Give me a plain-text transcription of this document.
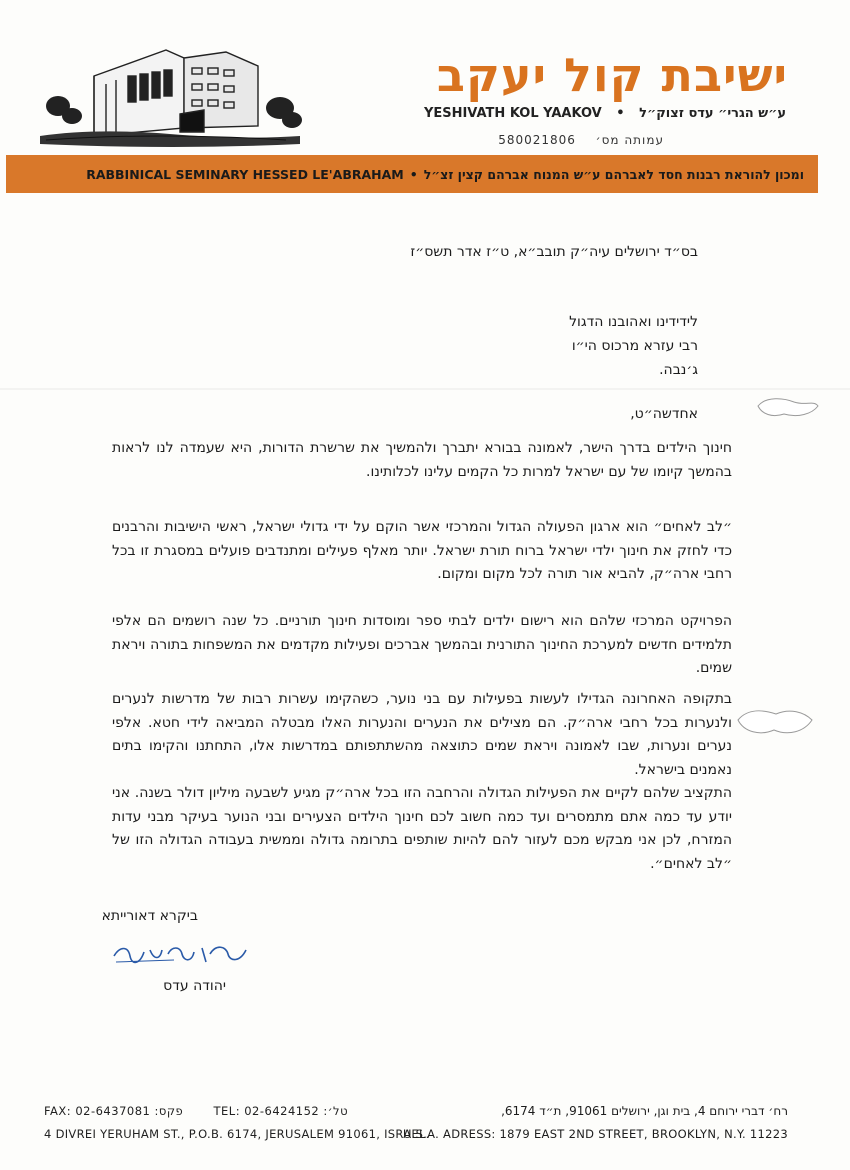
ישיבת קול יעקב
YESHIVATH KOL YAAKOV • ע״ש הגרי״ עדס זצוק״ל
580021806 עמותה מס׳
RABBINICAL SEMINARY HESSED LE'ABRAHAM • ומכון להוראת רבנות חסד לאברהם ע״ש המנוח אברהם קצין זצ״ל
בס״ד ירושלים עיה״ק תובב״א, ט״ז אדר תשס״ז
לידידינו ואהובנו הדגול
רבי עזרא מרכוס הי״ו
ג׳נבה.
אחדשה״ט,
חינוך הילדים בדרך הישר, לאמונה בבורא יתברך ולהמשיך את שרשרת הדורות, היא שעמדה לנו לראות בהמשך קיומו של עם ישראל למרות כל הקמים עלינו לכלותינו.
״לב לאחים״ הוא ארגון הפעולה הגדול והמרכזי אשר הוקם על ידי גדולי ישראל, ראשי הישיבות והרבנים כדי לחזק את חינוך ילדי ישראל ברוח תורת ישראל. יותר מאלף פעילים ומתנדבים פועלים במסגרת זו בכל רחבי ארה״ק, להביא אור תורה לכל מקום ומקום.
הפרויקט המרכזי שלהם הוא רישום ילדים לבתי ספר ומוסדות חינוך תורניים. כל שנה רושמים הם אלפי תלמידים חדשים למערכת החינוך התורנית ובהמשך אברכים ופעילות מקדמים את המשפחות בתורה ויראת שמים.
בתקופה האחרונה הגדילו לעשות בפעילות עם בני נוער, כשהקימו עשרות רבות של מדרשות לנערים ולנערות בכל רחבי ארה״ק. הם מצילים את הנערים והנערות האלו מבטלה המביאה לידי חטא. אלפי נערים ונערות, שבו לאמונה ויראת שמים כתוצאה מהשתתפותם במדרשות אלו, התחתנו והקימו בתים נאמנים בישראל.
התקציב שלהם לקיים את הפעילות הגדולה והרחבה הזו בכל ארה״ק מגיע לשבעה מיליון דולר בשנה. אני יודע עד כמה אתם מתמסרים ועד כמה חשוב לכם חינוך הילדים הצעירים ובני הנוער בעיקר מבני עדות המזרח, לכן אני מבקש מכם לעזור להם להיות שותפים בתרומה גדולה וממשית בעבודה הגדולה הזו של ״לב לאחים״.
ביקרא דאורייתא
יהודה עדס
FAX: 02-6437081 :פקס	TEL: 02-6424152 :טל׳	רח׳ דברי ירוחם 4, בית וגן, ירושלים 91061, ת״ד 6174,
4 DIVREI YERUHAM ST., P.O.B. 6174, JERUSALEM 91061, ISRAEL.
U.S.A. ADRESS: 1879 EAST 2ND STREET, BROOKLYN, N.Y. 11223
